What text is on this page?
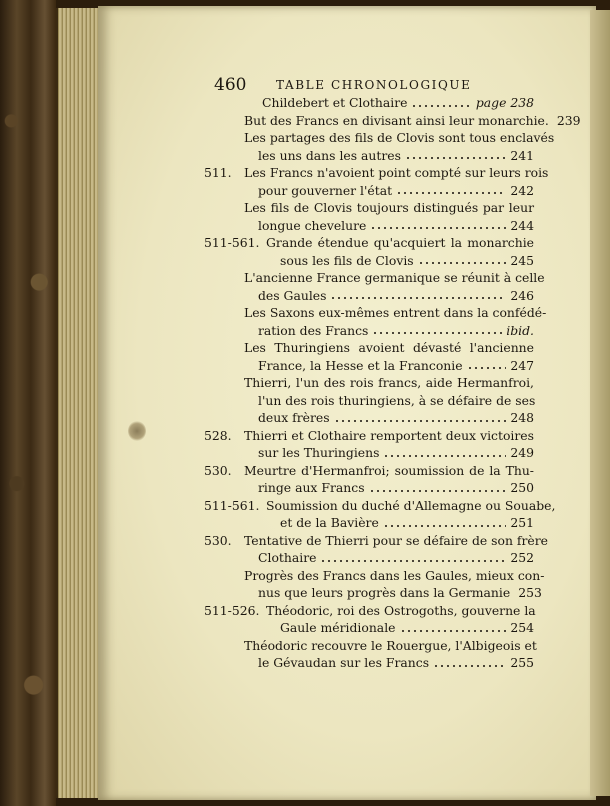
460 TABLE CHRONOLOGIQUE
Childebert et Clothaire	page 238
But des Francs en divisant ainsi leur monarchie. 239
Les partages des fils de Clovis sont tous enclavés
les uns dans les autres	241
511. Les Francs n'avoient point compté sur leurs rois
pour gouverner l'état	242
Les fils de Clovis toujours distingués par leur
longue chevelure	244
511-561. Grande étendue qu'acquiert la monarchie
sous les fils de Clovis	245
L'ancienne France germanique se réunit à celle
des Gaules	246
Les Saxons eux-mêmes entrent dans la confédé-
ration des Francs	ibid.
Les Thuringiens avoient dévasté l'ancienne
France, la Hesse et la Franconie	247
Thierri, l'un des rois francs, aide Hermanfroi,
l'un des rois thuringiens, à se défaire de ses
deux frères	248
528. Thierri et Clothaire remportent deux victoires
sur les Thuringiens	249
530. Meurtre d'Hermanfroi; soumission de la Thu-
ringe aux Francs	250
511-561. Soumission du duché d'Allemagne ou Souabe,
et de la Bavière	251
530. Tentative de Thierri pour se défaire de son frère
Clothaire	252
Progrès des Francs dans les Gaules, mieux con-
nus que leurs progrès dans la Germanie 253
511-526. Théodoric, roi des Ostrogoths, gouverne la
Gaule méridionale	254
Théodoric recouvre le Rouergue, l'Albigeois et
le Gévaudan sur les Francs	255
